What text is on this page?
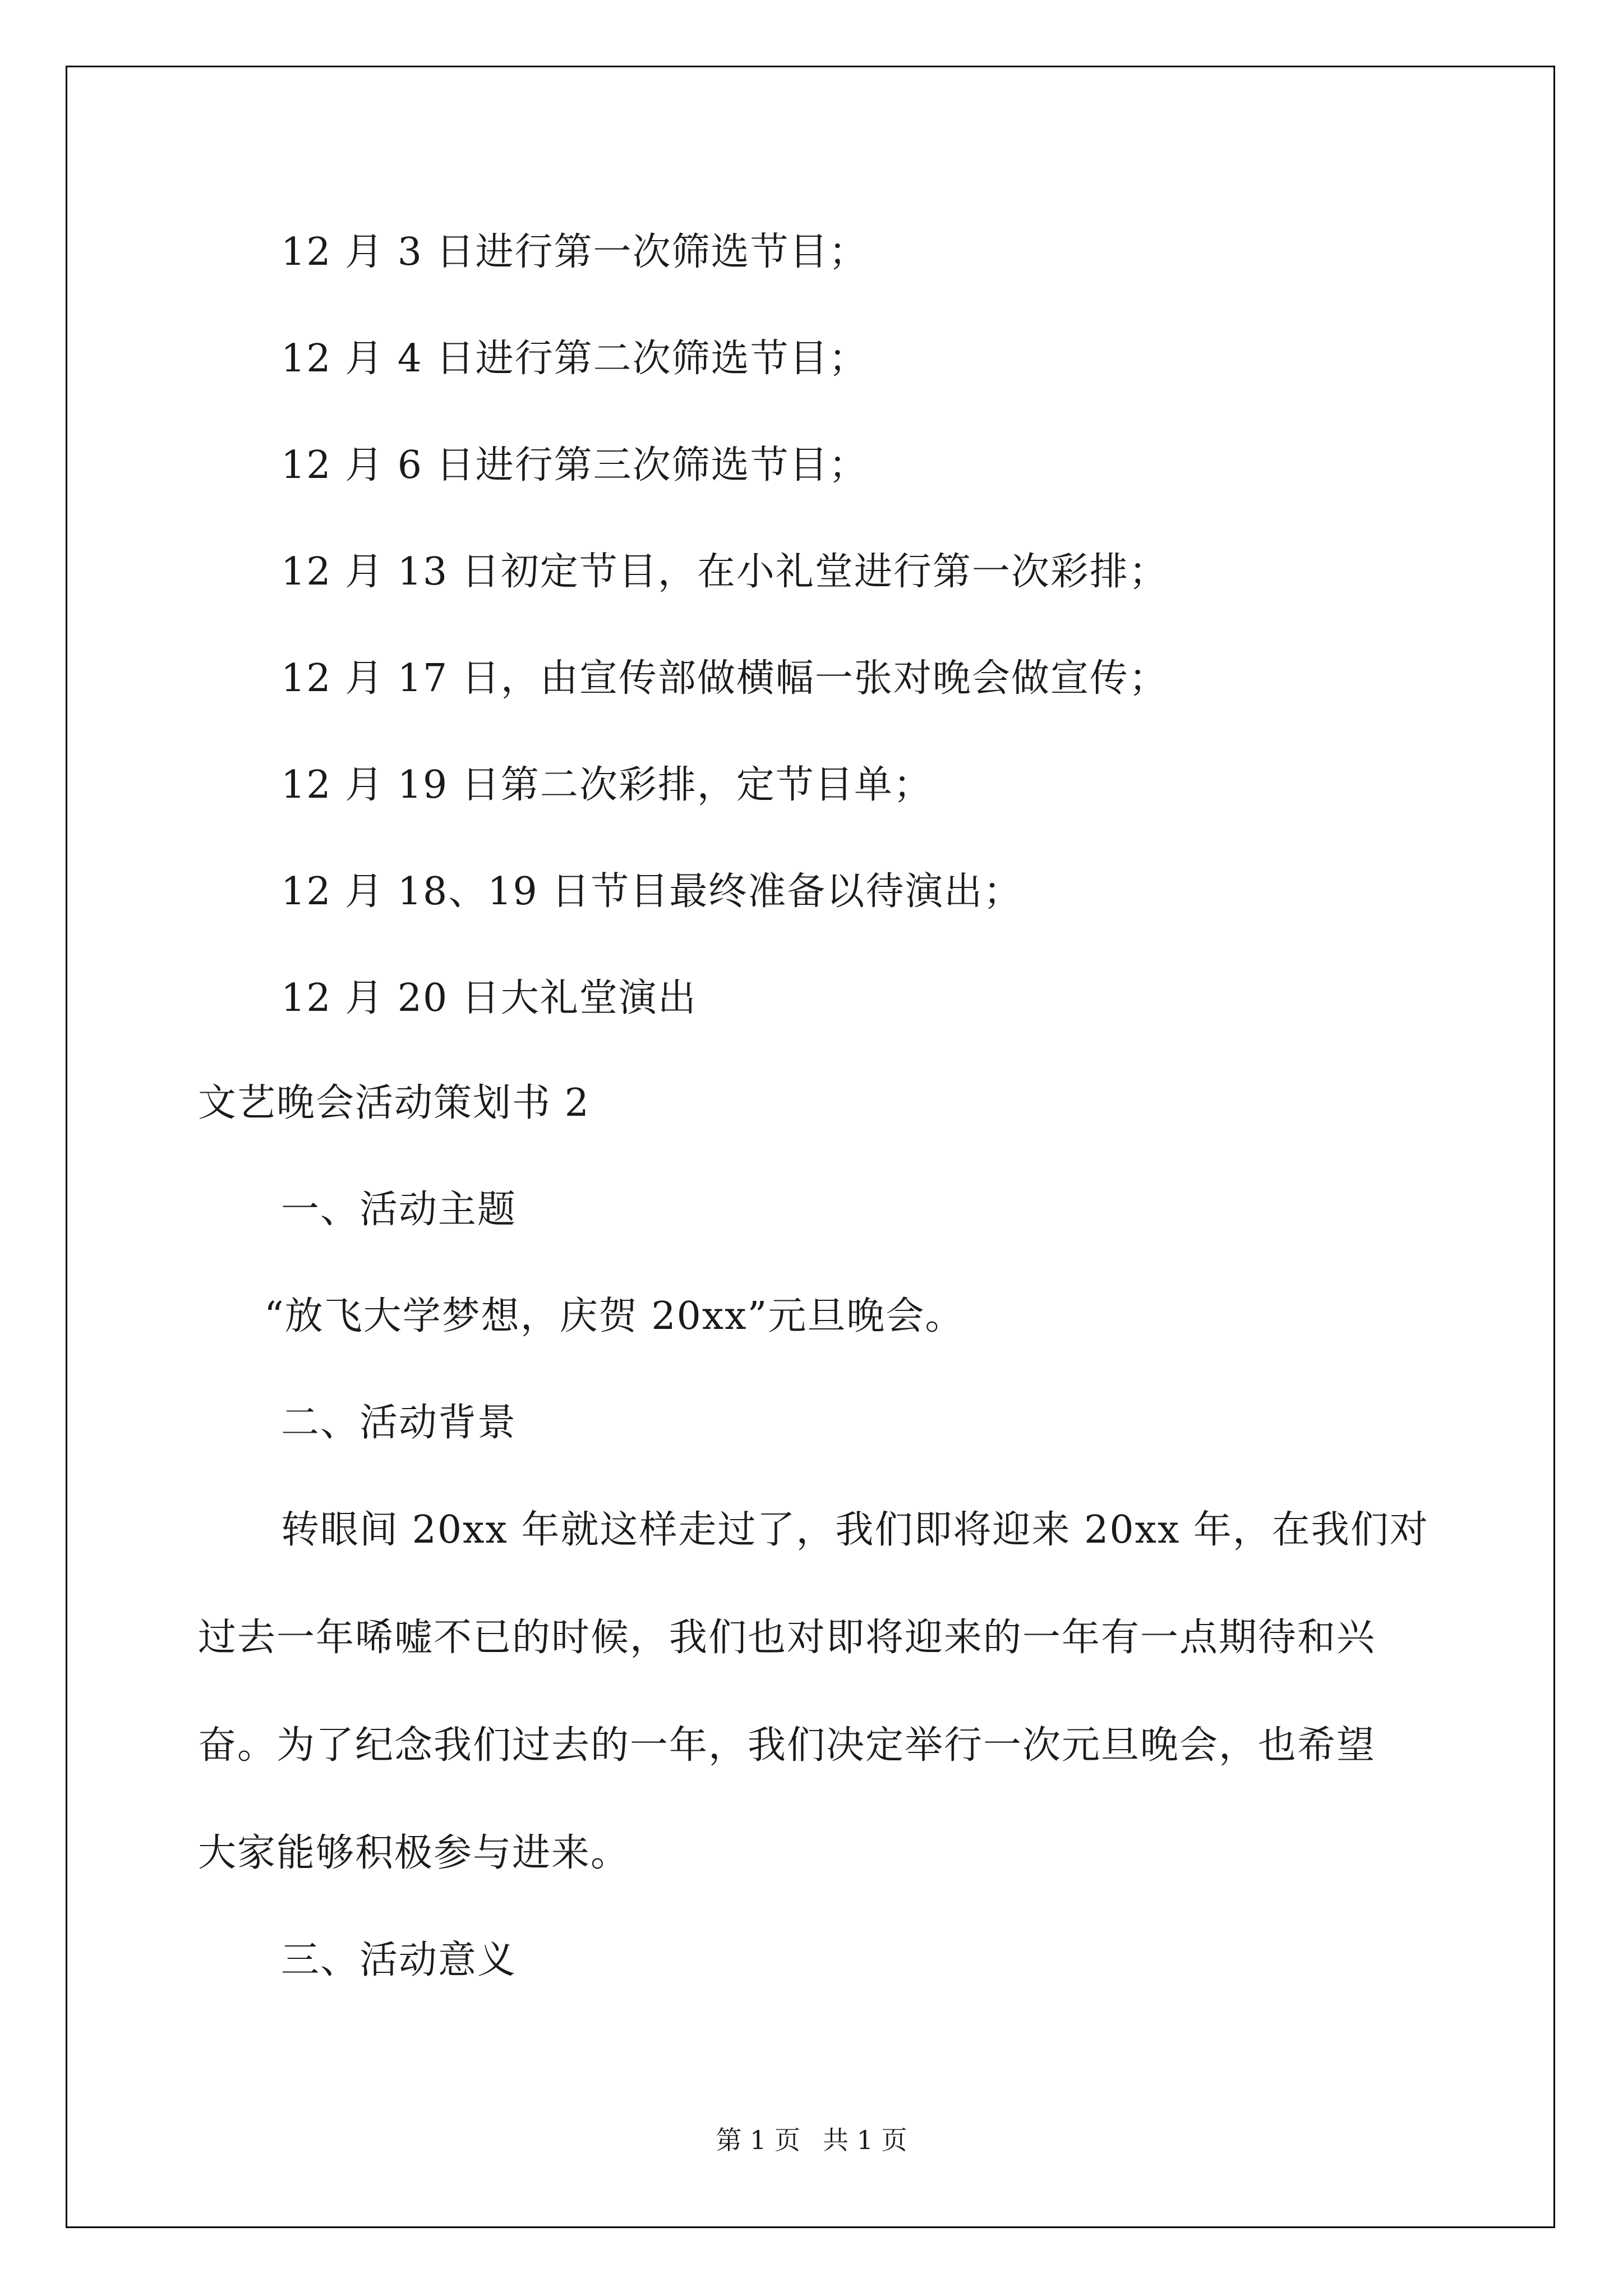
12 月 3 日进行第一次筛选节目；
12 月 4 日进行第二次筛选节目；
12 月 6 日进行第三次筛选节目；
12 月 13 日初定节目，在小礼堂进行第一次彩排；
12 月 17 日，由宣传部做横幅一张对晚会做宣传；
12 月 19 日第二次彩排，定节目单；
12 月 18、19 日节目最终准备以待演出；
12 月 20 日大礼堂演出
文艺晚会活动策划书 2
一、活动主题
“放飞大学梦想，庆贺 20xx”元旦晚会。
二、活动背景
转眼间 20xx 年就这样走过了，我们即将迎来 20xx 年，在我们对
过去一年唏嘘不已的时候，我们也对即将迎来的一年有一点期待和兴
奋。为了纪念我们过去的一年，我们决定举行一次元旦晚会，也希望
大家能够积极参与进来。
三、活动意义
第 1 页 共 1 页
